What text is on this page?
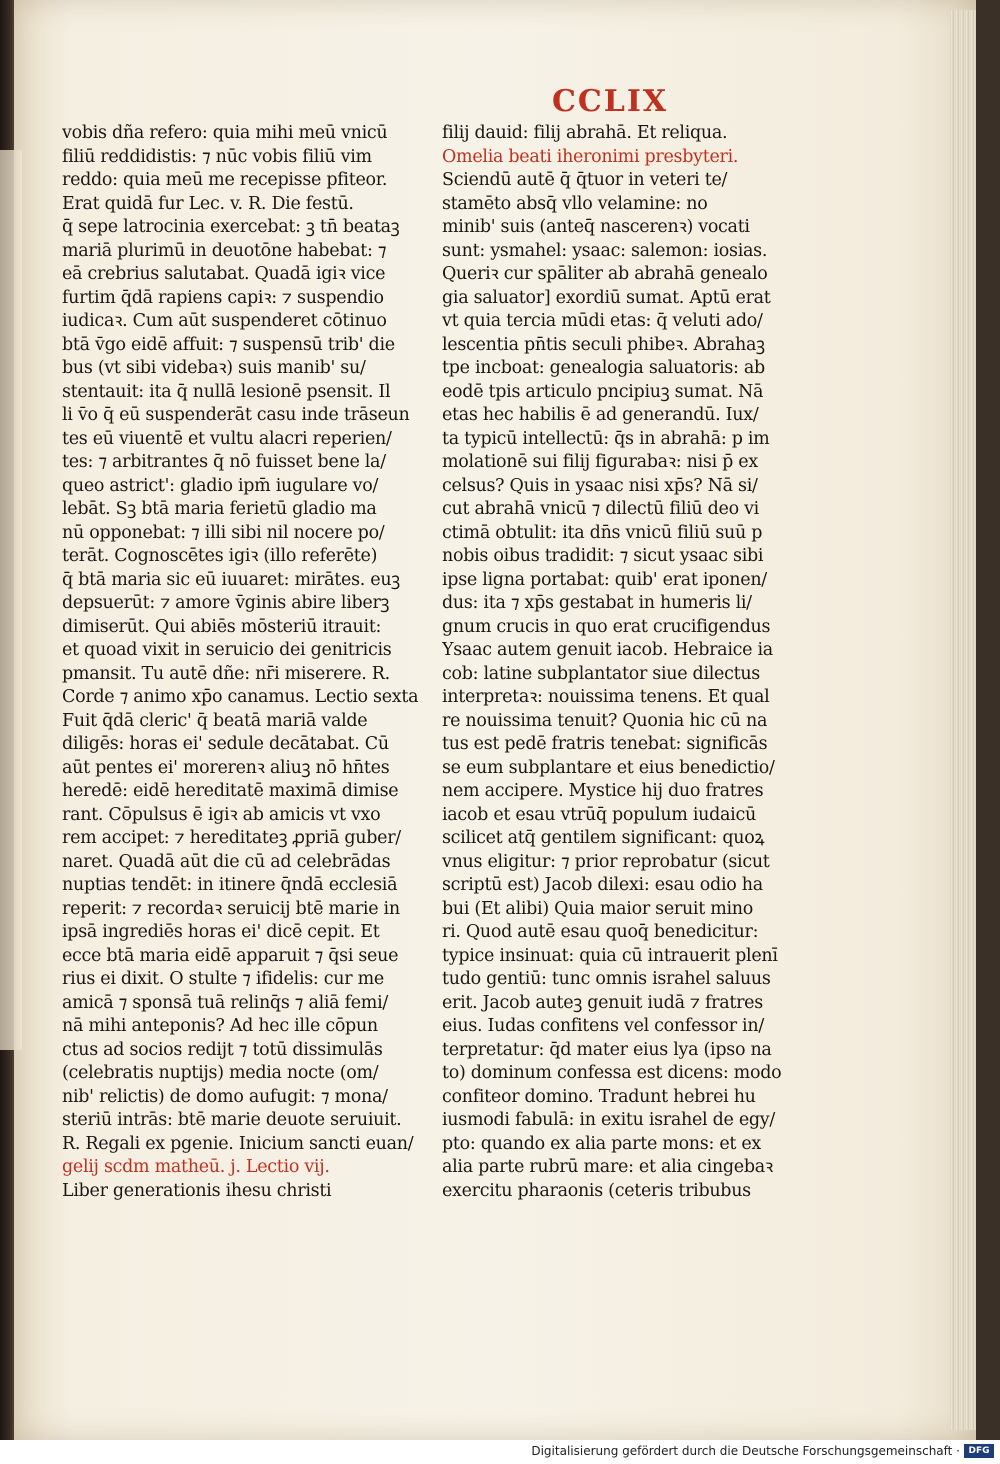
CCLIX
vobis dña refero: quia mihi meū vnicū
filiū reddidistis: ⁊ nūc vobis filiū vim
reddo: quia meū me recepisse pfiteor.
Erat quidā fur Lec. v. R. Die festū.
q̄ sepe latrocinia exercebat: ꝫ tn̄ beataꝫ
mariā plurimū in deuotōne habebat: ⁊
eā crebrius salutabat. Quadā igiꝛ vice
furtim q̄dā rapiens capiꝛ: ⁊ suspendio
iudicaꝛ. Cum aūt suspenderet cōtinuo
btā v̄go eidē affuit: ⁊ suspensū trib' die
bus (vt sibi videbaꝛ) suis manib' su/
stentauit: ita q̄ nullā lesionē psensit. Il
li v̄o q̄ eū suspenderāt casu inde trāseun
tes eū viuentē et vultu alacri reperien/
tes: ⁊ arbitrantes q̄ nō fuisset bene la/
queo astrict': gladio ipm̄ iugulare vo/
lebāt. Sꝫ btā maria ferietū gladio ma
nū opponebat: ⁊ illi sibi nil nocere po/
terāt. Cognoscētes igiꝛ (illo referēte)
q̄ btā maria sic eū iuuaret: mirātes. euꝫ
depsuerūt: ⁊ amore v̄ginis abire liberꝫ
dimiserūt. Qui abiēs mōsteriū itrauit:
et quoad vixit in seruicio dei genitricis
pmansit. Tu autē dñe: nr̄i miserere. R.
Corde ⁊ animo xp̄o canamus. Lectio sexta
Fuit q̄dā cleric' q̄ beatā mariā valde
diligēs: horas ei' sedule decātabat. Cū
aūt pentes ei' morerenꝛ aliuꝫ nō hn̄tes
heredē: eidē hereditatē maximā dimise
rant. Cōpulsus ē igiꝛ ab amicis vt vxo
rem accipet: ⁊ hereditateꝫ ꝓpriā guber/
naret. Quadā aūt die cū ad celebrādas
nuptias tendēt: in itinere q̄ndā ecclesiā
reperit: ⁊ recordaꝛ seruicij btē marie in
ipsā ingrediēs horas ei' dicē cepit. Et
ecce btā maria eidē apparuit ⁊ q̄si seue
rius ei dixit. O stulte ⁊ ifidelis: cur me
amicā ⁊ sponsā tuā relinq̄s ⁊ aliā femi/
nā mihi anteponis? Ad hec ille cōpun
ctus ad socios redijt ⁊ totū dissimulās
(celebratis nuptijs) media nocte (om/
nib' relictis) de domo aufugit: ⁊ mona/
steriū intrās: btē marie deuote seruiuit.
R. Regali ex pgenie. Inicium sancti euan/
gelij scdm matheū. j. Lectio vij.
Liber generationis ihesu christi
filij dauid: filij abrahā. Et reliqua.
Omelia beati iheronimi presbyteri.
Sciendū autē q̄ q̄tuor in veteri te/
stamēto absq̄ vllo velamine: no
minib' suis (anteq̄ nascerenꝛ) vocati
sunt: ysmahel: ysaac: salemon: iosias.
Queriꝛ cur spāliter ab abrahā genealo
gia saluator] exordiū sumat. Aptū erat
vt quia tercia mūdi etas: q̄ veluti ado/
lescentia pn̄tis seculi phibeꝛ. Abrahaꝫ
tpe incboat: genealogia saluatoris: ab
eodē tpis articulo pncipiuꝫ sumat. Nā
etas hec habilis ē ad generandū. Iux/
ta typicū intellectū: q̄s in abrahā: p im
molationē sui filij figurabaꝛ: nisi p̄ ex
celsus? Quis in ysaac nisi xp̄s? Nā si/
cut abrahā vnicū ⁊ dilectū filiū deo vi
ctimā obtulit: ita dn̄s vnicū filiū suū p
nobis oibus tradidit: ⁊ sicut ysaac sibi
ipse ligna portabat: quib' erat iponen/
dus: ita ⁊ xp̄s gestabat in humeris li/
gnum crucis in quo erat crucifigendus
Ysaac autem genuit iacob. Hebraice ia
cob: latine subplantator siue dilectus
interpretaꝛ: nouissima tenens. Et qual
re nouissima tenuit? Quonia hic cū na
tus est pedē fratris tenebat: significās
se eum subplantare et eius benedictio/
nem accipere. Mystice hij duo fratres
iacob et esau vtrūq̄ populum iudaicū
scilicet atq̄ gentilem significant: quoꝝ
vnus eligitur: ⁊ prior reprobatur (sicut
scriptū est) Jacob dilexi: esau odio ha
bui (Et alibi) Quia maior seruit mino
ri. Quod autē esau quoq̄ benedicitur:
typice insinuat: quia cū intrauerit plenī
tudo gentiū: tunc omnis israhel saluus
erit. Jacob auteꝫ genuit iudā ⁊ fratres
eius. Iudas confitens vel confessor in/
terpretatur: q̄d mater eius lya (ipso na
to) dominum confessa est dicens: modo
confiteor domino. Tradunt hebrei hu
iusmodi fabulā: in exitu israhel de egy/
pto: quando ex alia parte mons: et ex
alia parte rubrū mare: et alia cingebaꝛ
exercitu pharaonis (ceteris tribubus
Digitalisierung gefördert durch die Deutsche Forschungsgemeinschaft · DFG
